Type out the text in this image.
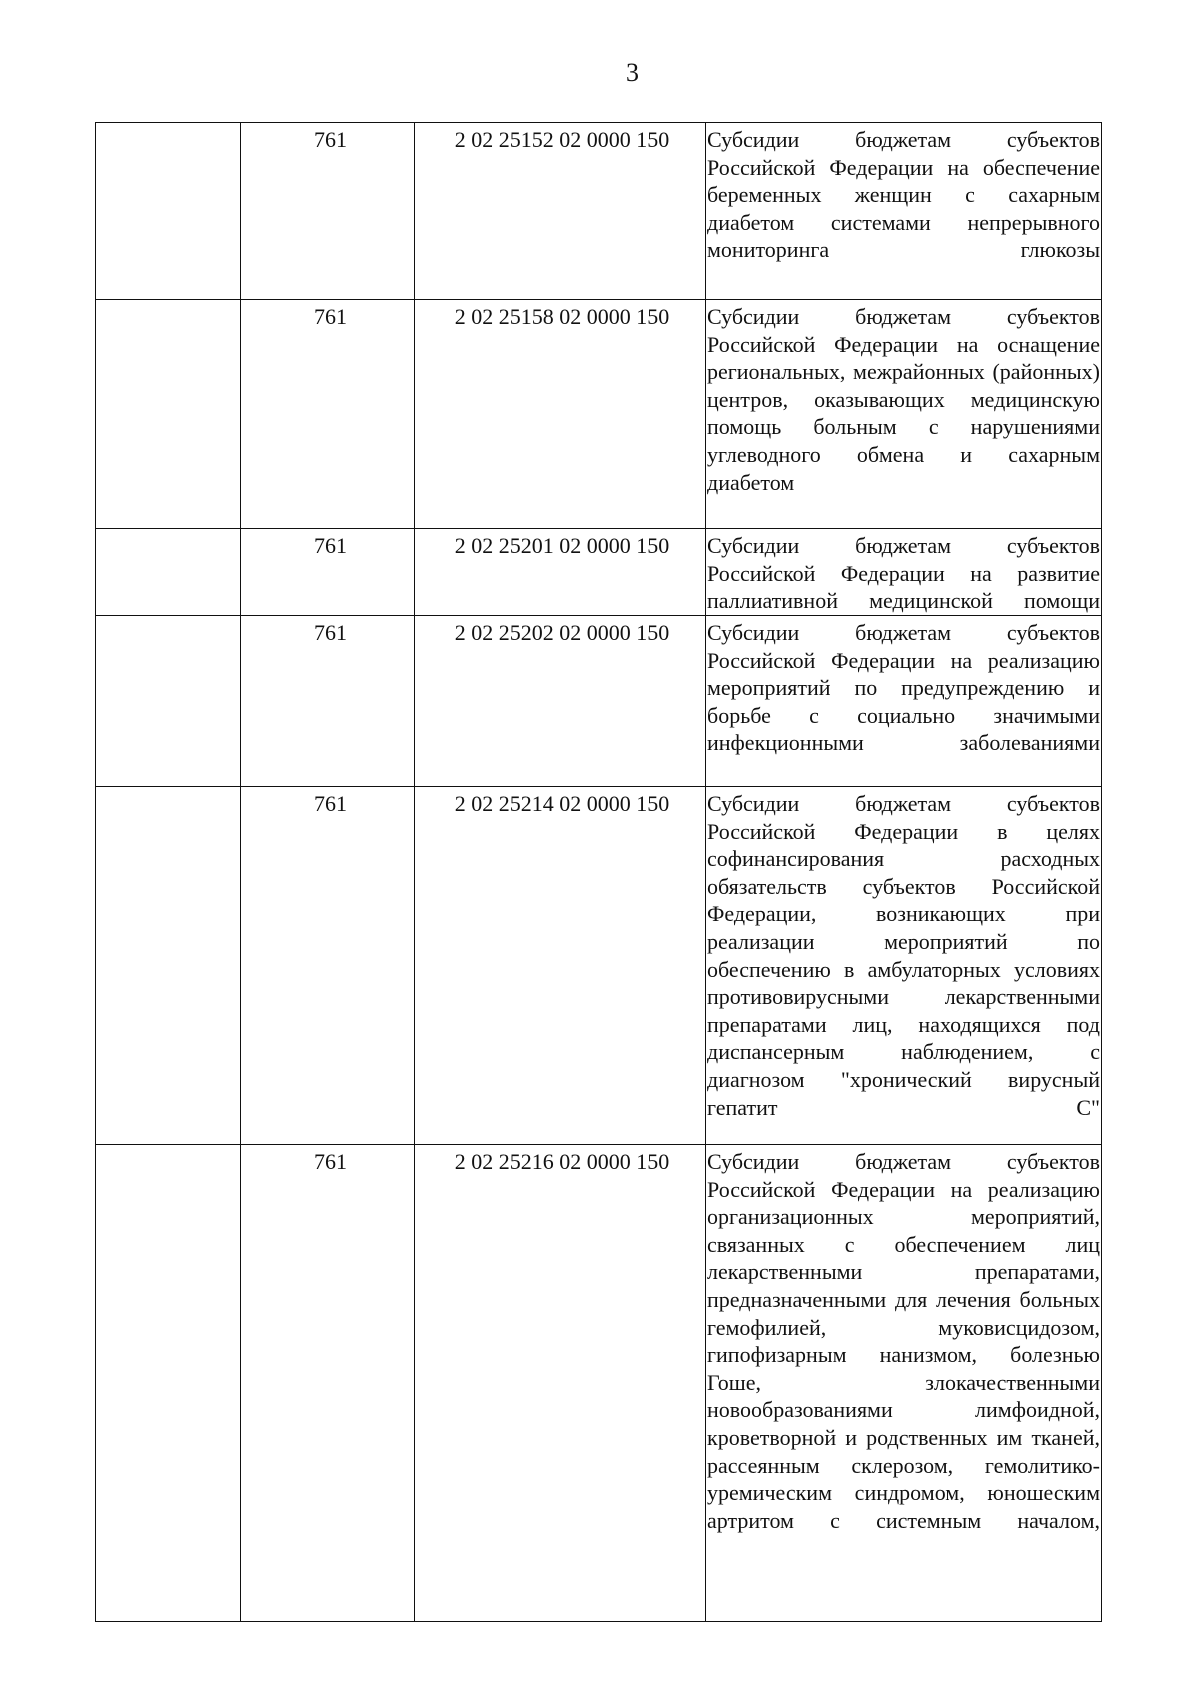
3
	761	2 02 25152 02 0000 150	Субсидии бюджетам субъектов Российской Федерации на обеспечение беременных женщин с сахарным диабетом системами непрерывного мониторинга глюкозы
	761	2 02 25158 02 0000 150	Субсидии бюджетам субъектов Российской Федерации на оснащение региональных, межрайонных (районных) центров, оказывающих медицинскую помощь больным с нарушениями углеводного обмена и сахарным диабетом
	761	2 02 25201 02 0000 150	Субсидии бюджетам субъектов Российской Федерации на развитие паллиативной медицинской помощи
	761	2 02 25202 02 0000 150	Субсидии бюджетам субъектов Российской Федерации на реализацию мероприятий по предупреждению и борьбе с социально значимыми инфекционными заболеваниями
	761	2 02 25214 02 0000 150	Субсидии бюджетам субъектов Российской Федерации в целях софинансирования расходных обязательств субъектов Российской Федерации, возникающих при реализации мероприятий по обеспечению в амбулаторных условиях противовирусными лекарственными препаратами лиц, находящихся под диспансерным наблюдением, с диагнозом "хронический вирусный гепатит С"
	761	2 02 25216 02 0000 150	Субсидии бюджетам субъектов Российской Федерации на реализацию организационных мероприятий, связанных с обеспечением лиц лекарственными препаратами, предназначенными для лечения больных гемофилией, муковисцидозом, гипофизарным нанизмом, болезнью Гоше, злокачественными новообразованиями лимфоидной, кроветворной и родственных им тканей, рассеянным склерозом, гемолитико-уремическим синдромом, юношеским артритом с системным началом,
